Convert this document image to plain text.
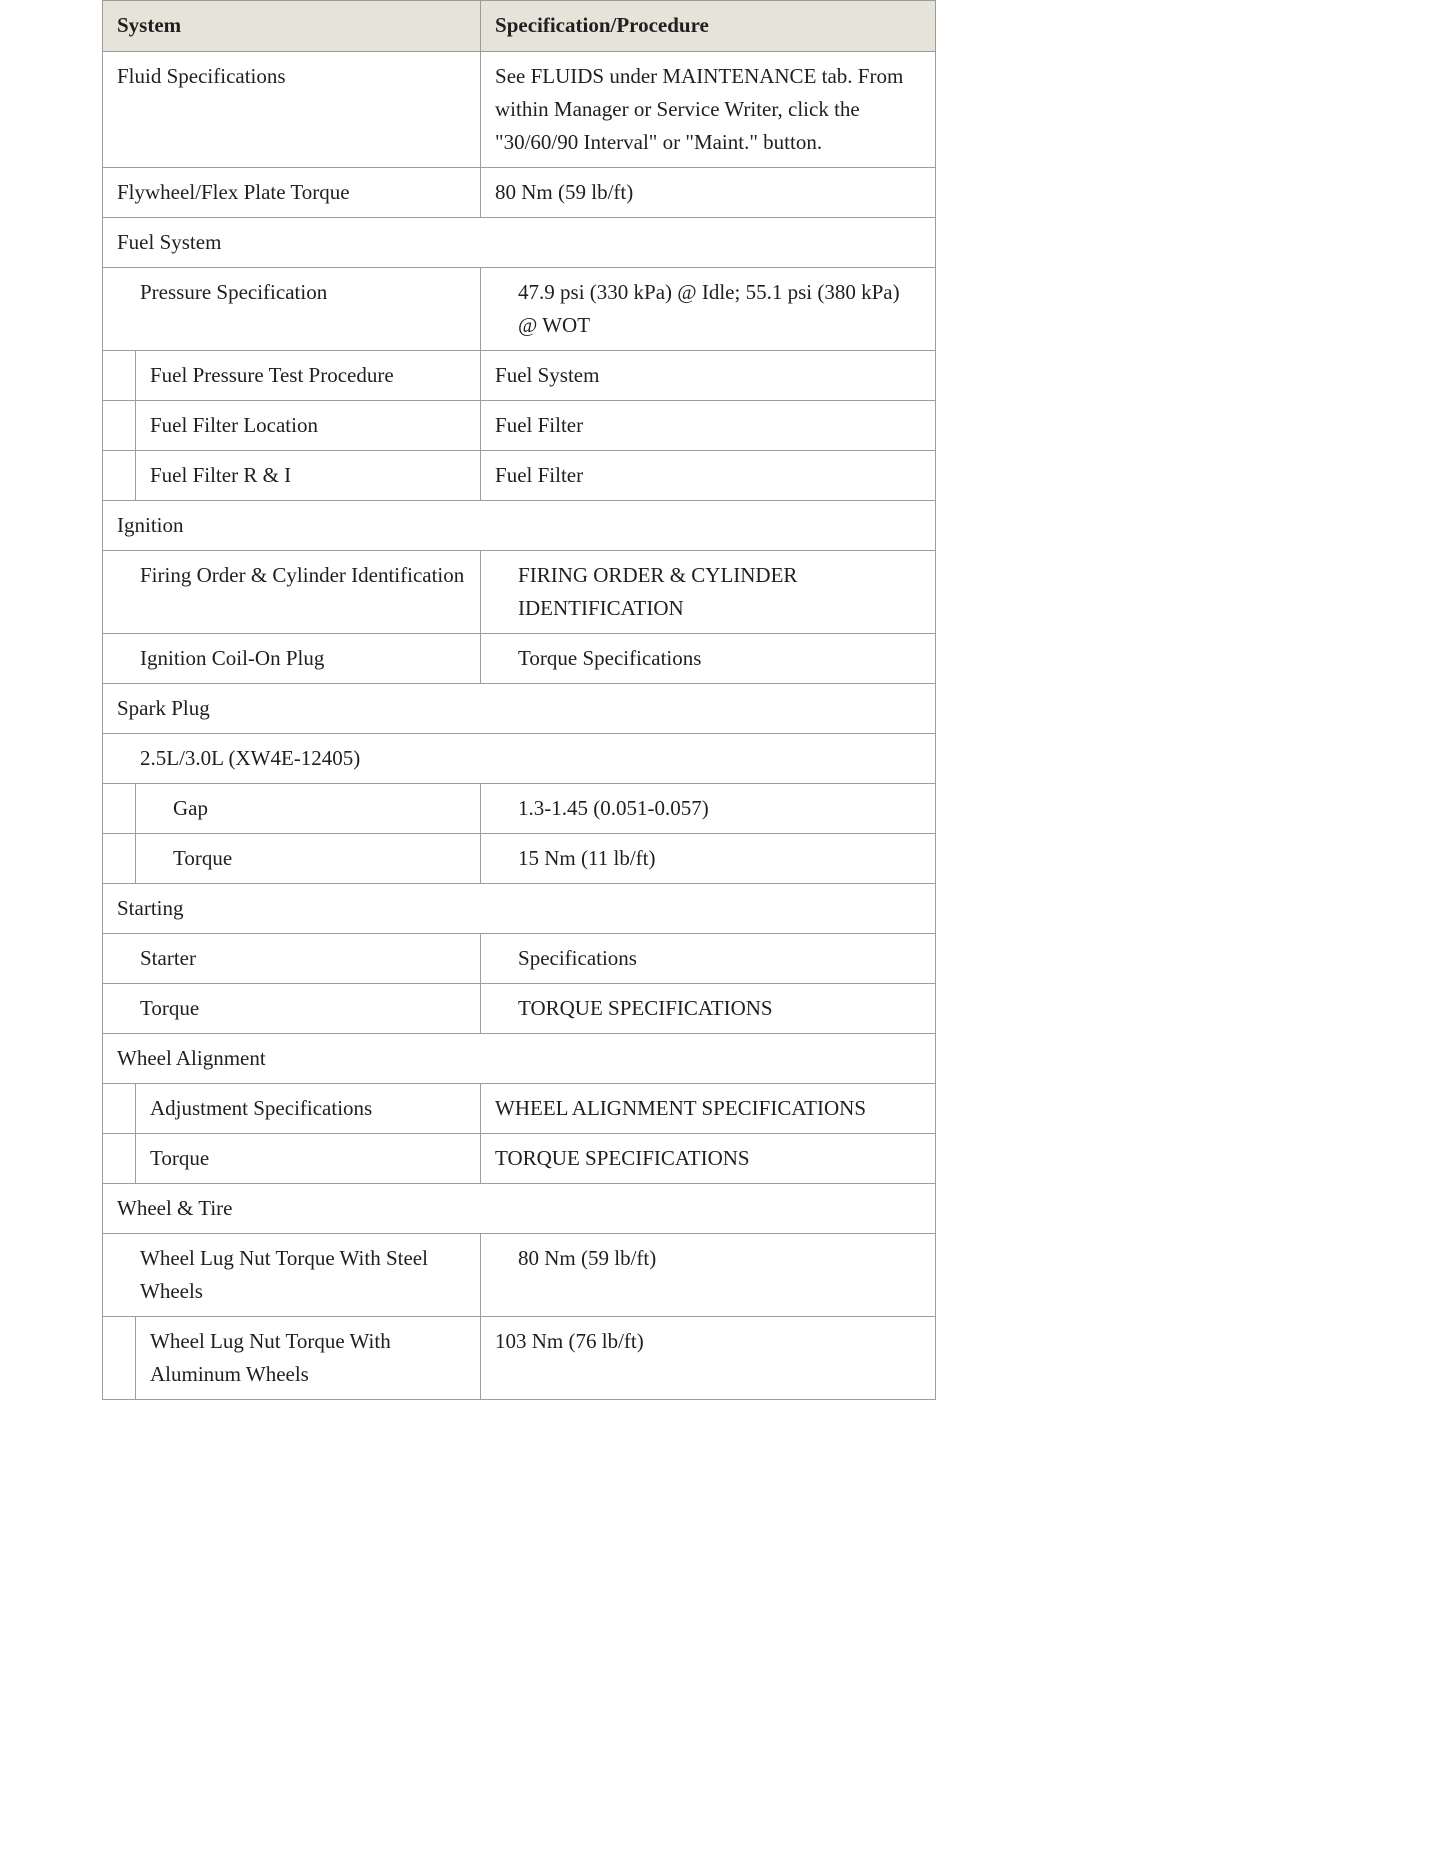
System		Specification/Procedure

Fluid Specifications		See FLUIDS under MAINTENANCE tab. From within Manager or Service Writer, click the "30/60/90 Interval" or "Maint." button.

Flywheel/Flex Plate Torque		80 Nm (59 lb/ft)

Fuel System		

Pressure Specification		47.9 psi (330 kPa) @ Idle; 55.1 psi (380 kPa) @ WOT

	Fuel Pressure Test Procedure	Fuel System

	Fuel Filter Location	Fuel Filter

	Fuel Filter R & I	Fuel Filter

Ignition		

Firing Order & Cylinder Identification		FIRING ORDER & CYLINDER IDENTIFICATION

Ignition Coil-On Plug		Torque Specifications

Spark Plug		

2.5L/3.0L (XW4E-12405)		

	Gap	1.3-1.45 (0.051-0.057)

	Torque	15 Nm (11 lb/ft)

Starting		

Starter		Specifications

Torque		TORQUE SPECIFICATIONS

Wheel Alignment		

	Adjustment Specifications	WHEEL ALIGNMENT SPECIFICATIONS

	Torque	TORQUE SPECIFICATIONS

Wheel & Tire		

Wheel Lug Nut Torque With Steel Wheels		80 Nm (59 lb/ft)

	Wheel Lug Nut Torque With Aluminum Wheels	103 Nm (76 lb/ft)
